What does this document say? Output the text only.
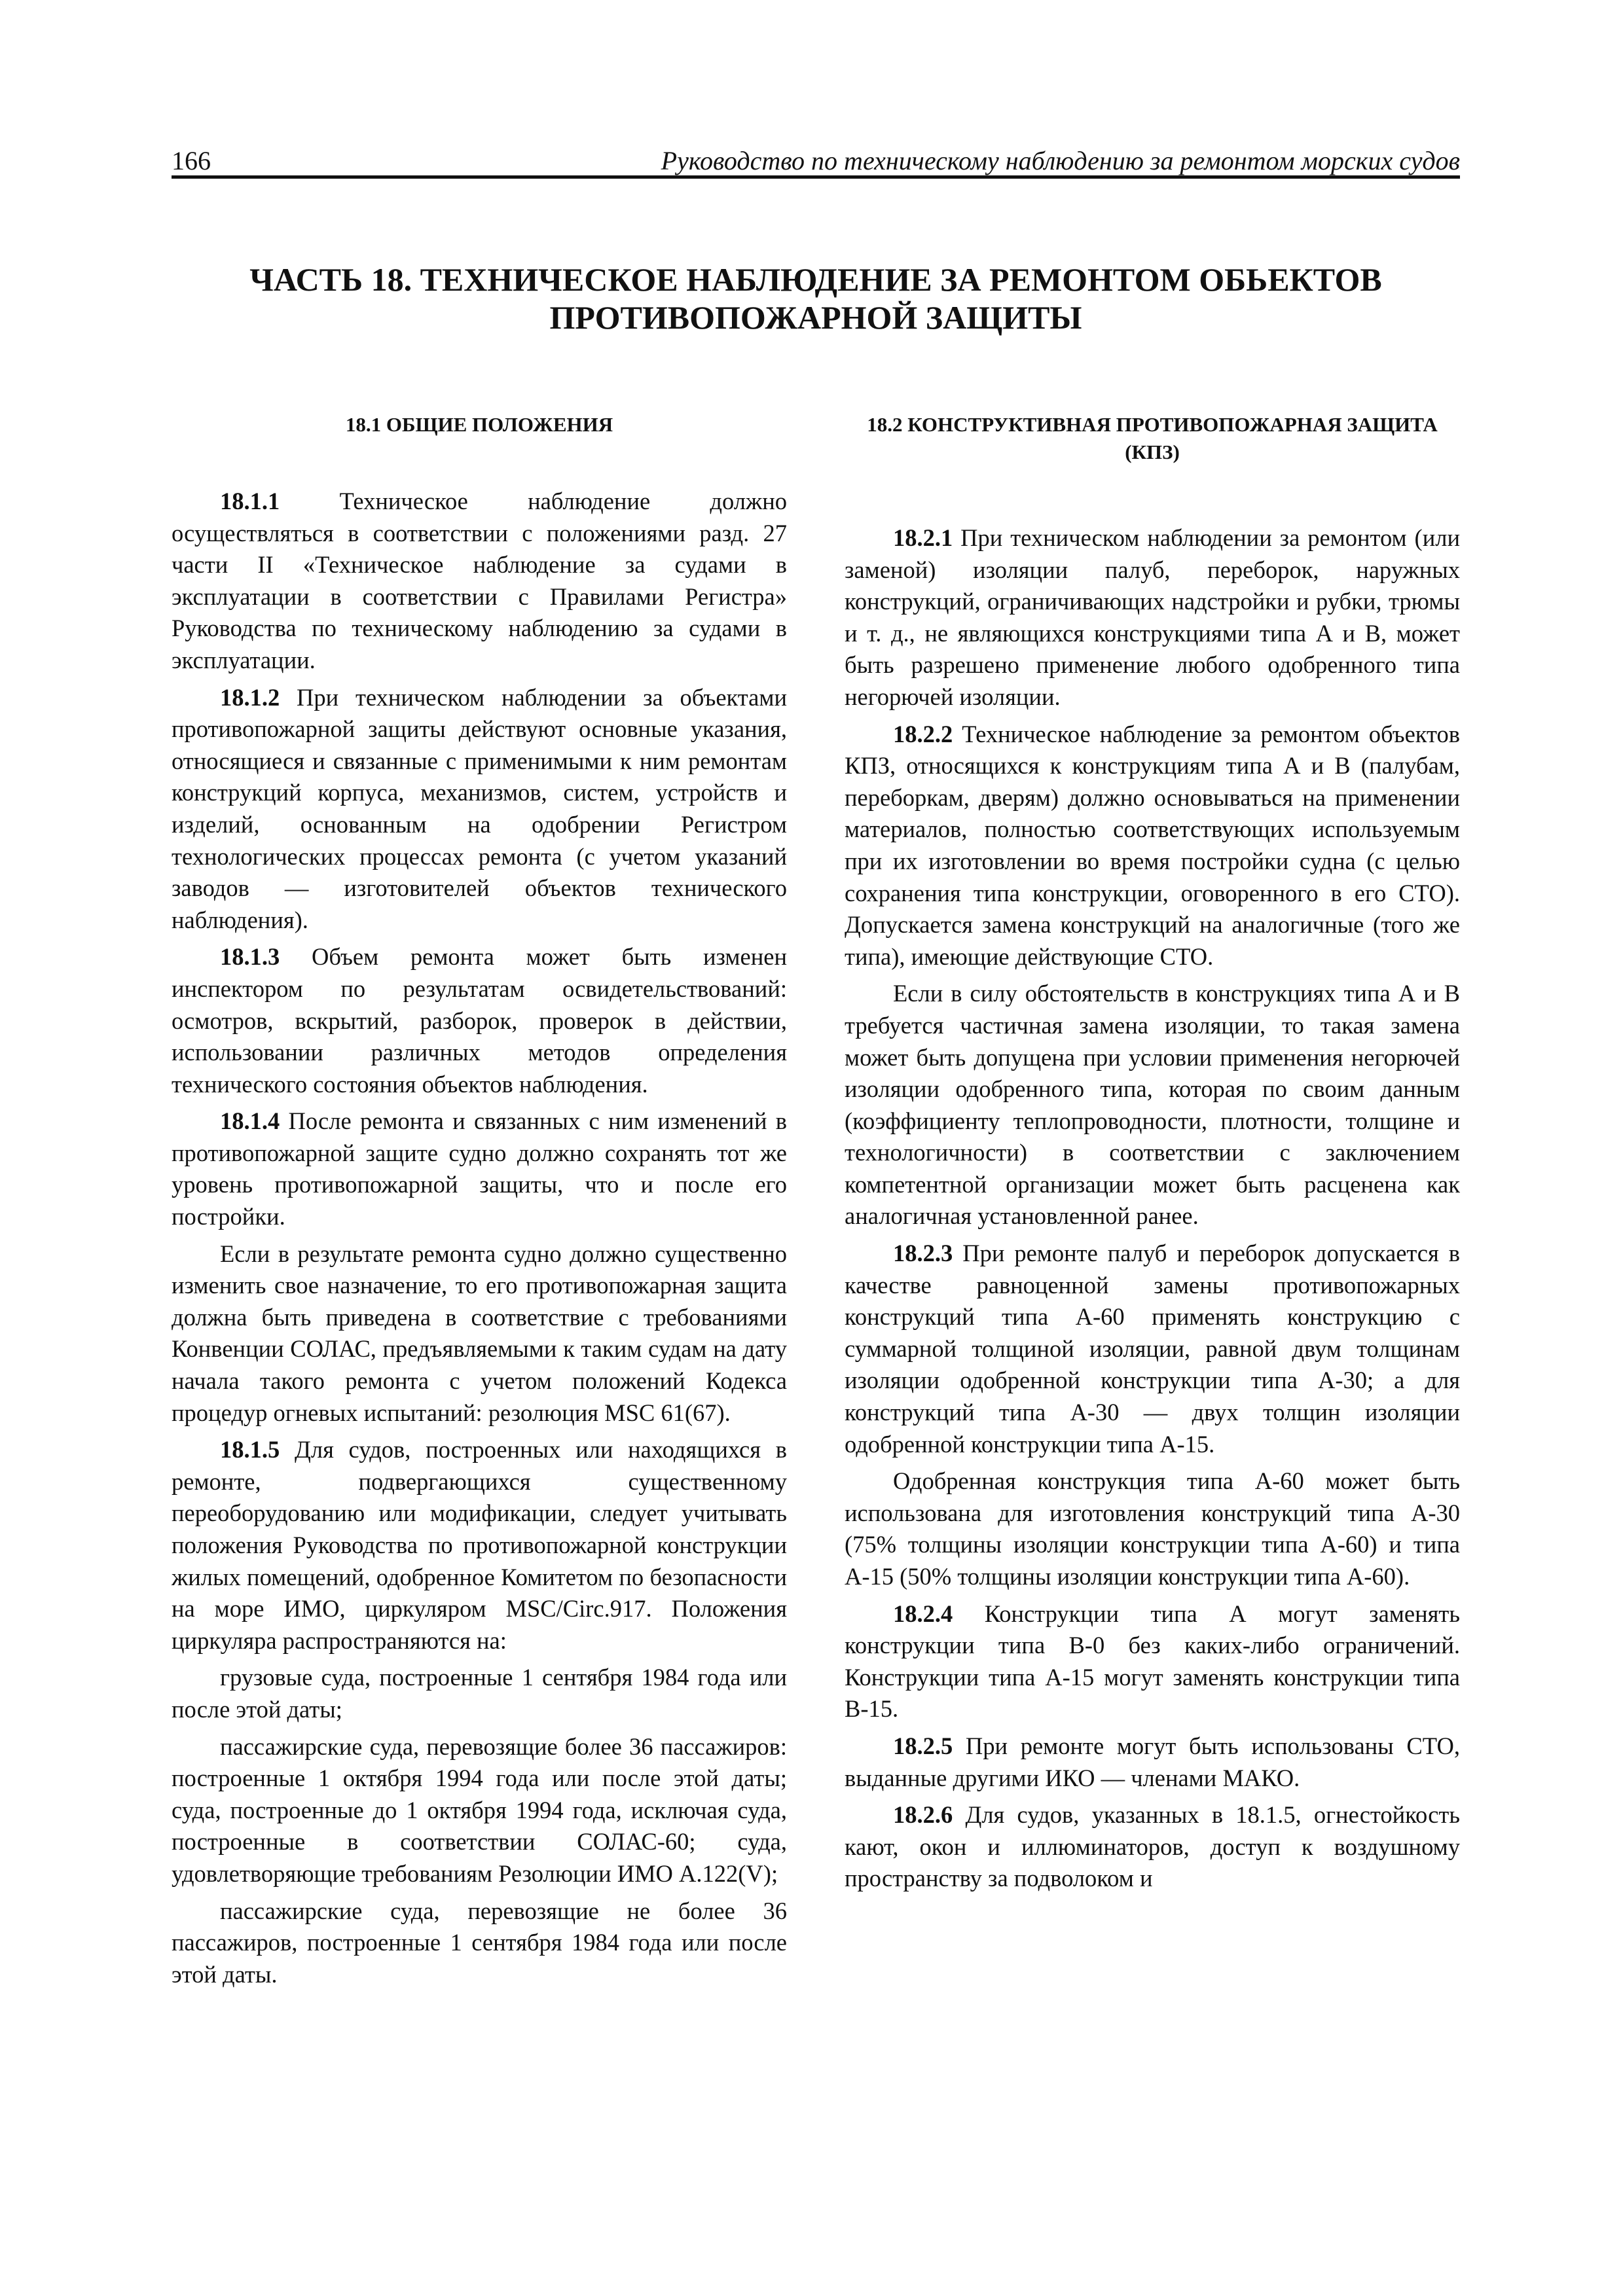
166	Руководство по техническому наблюдению за ремонтом морских судов
ЧАСТЬ 18. ТЕХНИЧЕСКОЕ НАБЛЮДЕНИЕ ЗА РЕМОНТОМ ОБЬЕКТОВ
ПРОТИВОПОЖАРНОЙ ЗАЩИТЫ
18.1 ОБЩИЕ ПОЛОЖЕНИЯ

18.1.1 Техническое наблюдение должно осуществляться в соответствии с положениями разд. 27 части II «Техническое наблюдение за судами в эксплуатации в соответствии с Правилами Регистра» Руководства по техническому наблюдению за судами в эксплуатации.

18.1.2 При техническом наблюдении за объектами противопожарной защиты действуют основные указания, относящиеся и связанные с применимыми к ним ремонтам конструкций корпуса, механизмов, систем, устройств и изделий, основанным на одобрении Регистром технологических процессах ремонта (с учетом указаний заводов — изготовителей объектов технического наблюдения).

18.1.3 Объем ремонта может быть изменен инспектором по результатам освидетельствований: осмотров, вскрытий, разборок, проверок в действии, использовании различных методов определения технического состояния объектов наблюдения.

18.1.4 После ремонта и связанных с ним изменений в противопожарной защите судно должно сохранять тот же уровень противопожарной защиты, что и после его постройки.

Если в результате ремонта судно должно существенно изменить свое назначение, то его противопожарная защита должна быть приведена в соответствие с требованиями Конвенции СОЛАС, предъявляемыми к таким судам на дату начала такого ремонта с учетом положений Кодекса процедур огневых испытаний: резолюция MSC 61(67).

18.1.5 Для судов, построенных или находящихся в ремонте, подвергающихся существенному переоборудованию или модификации, следует учитывать положения Руководства по противопожарной конструкции жилых помещений, одобренное Комитетом по безопасности на море ИМО, циркуляром MSC/Circ.917. Положения циркуляра распространяются на:

грузовые суда, построенные 1 сентября 1984 года или после этой даты;

пассажирские суда, перевозящие более 36 пассажиров: построенные 1 октября 1994 года или после этой даты; суда, построенные до 1 октября 1994 года, исключая суда, построенные в соответствии СОЛАС-60; суда, удовлетворяющие требованиям Резолюции ИМО А.122(V);

пассажирские суда, перевозящие не более 36 пассажиров, построенные 1 сентября 1984 года или после этой даты.

18.2 КОНСТРУКТИВНАЯ ПРОТИВОПОЖАРНАЯ ЗАЩИТА
(КПЗ)

18.2.1 При техническом наблюдении за ремонтом (или заменой) изоляции палуб, переборок, наружных конструкций, ограничивающих надстройки и рубки, трюмы и т. д., не являющихся конструкциями типа А и В, может быть разрешено применение любого одобренного типа негорючей изоляции.

18.2.2 Техническое наблюдение за ремонтом объектов КПЗ, относящихся к конструкциям типа А и В (палубам, переборкам, дверям) должно основываться на применении материалов, полностью соответствующих используемым при их изготовлении во время постройки судна (с целью сохранения типа конструкции, оговоренного в его СТО). Допускается замена конструкций на аналогичные (того же типа), имеющие действующие СТО.

Если в силу обстоятельств в конструкциях типа А и В требуется частичная замена изоляции, то такая замена может быть допущена при условии применения негорючей изоляции одобренного типа, которая по своим данным (коэффициенту теплопроводности, плотности, толщине и технологичности) в соответствии с заключением компетентной организации может быть расценена как аналогичная установленной ранее.

18.2.3 При ремонте палуб и переборок допускается в качестве равноценной замены противопожарных конструкций типа А-60 применять конструкцию с суммарной толщиной изоляции, равной двум толщинам изоляции одобренной конструкции типа А-30; а для конструкций типа А-30 — двух толщин изоляции одобренной конструкции типа А-15.

Одобренная конструкция типа А-60 может быть использована для изготовления конструкций типа А-30 (75% толщины изоляции конструкции типа А-60) и типа А-15 (50% толщины изоляции конструкции типа А-60).

18.2.4 Конструкции типа А могут заменять конструкции типа В-0 без каких-либо ограничений. Конструкции типа А-15 могут заменять конструкции типа В-15.

18.2.5 При ремонте могут быть использованы СТО, выданные другими ИКО — членами МАКО.

18.2.6 Для судов, указанных в 18.1.5, огнестойкость кают, окон и иллюминаторов, доступ к воздушному пространству за подволоком и
